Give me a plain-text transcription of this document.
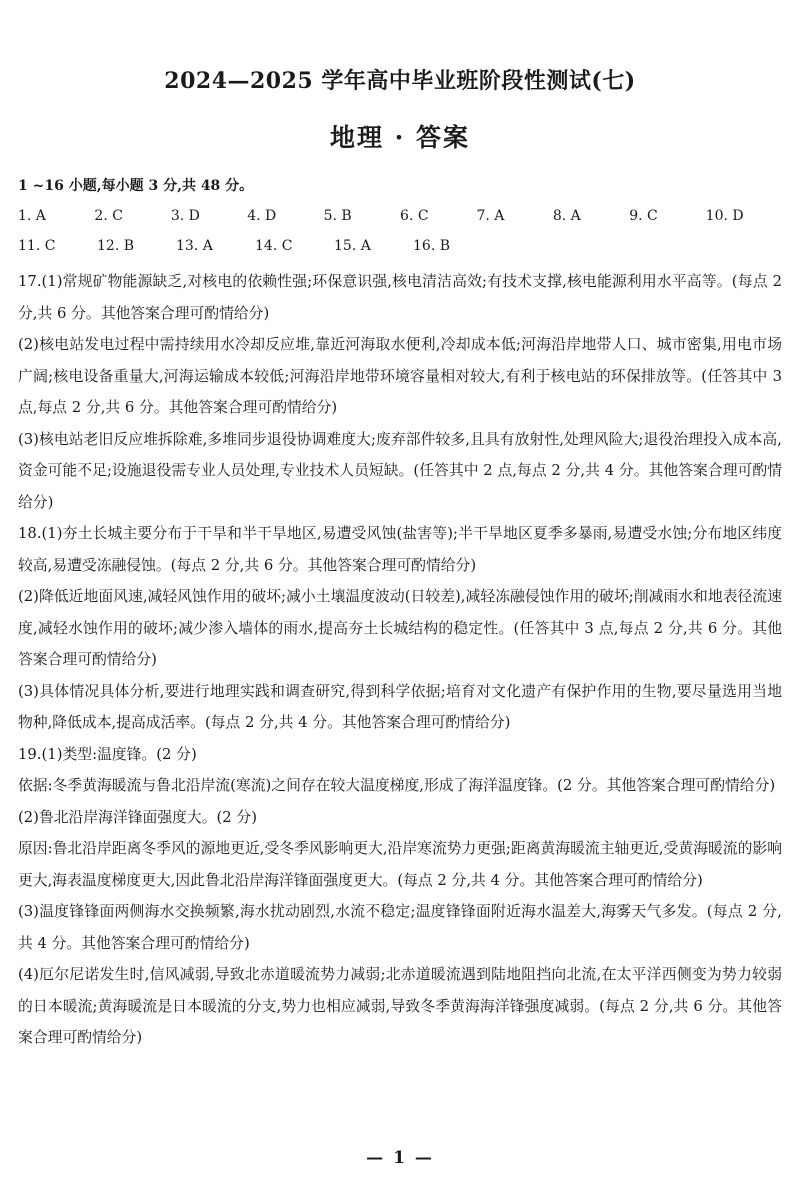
2024—2025 学年高中毕业班阶段性测试(七)
地理 · 答案
1 ~16 小题,每小题 3 分,共 48 分。
1. A	2. C	3. D	4. D	5. B	6. C	7. A	8. A	9. C	10. D
11. C	12. B	13. A	14. C	15. A	16. B

17.(1)常规矿物能源缺乏,对核电的依赖性强;环保意识强,核电清洁高效;有技术支撑,核电能源利用水平高等。(每点 2 分,共 6 分。其他答案合理可酌情给分)

(2)核电站发电过程中需持续用水冷却反应堆,靠近河海取水便利,冷却成本低;河海沿岸地带人口、城市密集,用电市场广阔;核电设备重量大,河海运输成本较低;河海沿岸地带环境容量相对较大,有利于核电站的环保排放等。(任答其中 3 点,每点 2 分,共 6 分。其他答案合理可酌情给分)

(3)核电站老旧反应堆拆除难,多堆同步退役协调难度大;废弃部件较多,且具有放射性,处理风险大;退役治理投入成本高,资金可能不足;设施退役需专业人员处理,专业技术人员短缺。(任答其中 2 点,每点 2 分,共 4 分。其他答案合理可酌情给分)

18.(1)夯土长城主要分布于干旱和半干旱地区,易遭受风蚀(盐害等);半干旱地区夏季多暴雨,易遭受水蚀;分布地区纬度较高,易遭受冻融侵蚀。(每点 2 分,共 6 分。其他答案合理可酌情给分)

(2)降低近地面风速,减轻风蚀作用的破坏;减小土壤温度波动(日较差),减轻冻融侵蚀作用的破坏;削减雨水和地表径流速度,减轻水蚀作用的破坏;减少渗入墙体的雨水,提高夯土长城结构的稳定性。(任答其中 3 点,每点 2 分,共 6 分。其他答案合理可酌情给分)

(3)具体情况具体分析,要进行地理实践和调查研究,得到科学依据;培育对文化遗产有保护作用的生物,要尽量选用当地物种,降低成本,提高成活率。(每点 2 分,共 4 分。其他答案合理可酌情给分)

19.(1)类型:温度锋。(2 分)

依据:冬季黄海暖流与鲁北沿岸流(寒流)之间存在较大温度梯度,形成了海洋温度锋。(2 分。其他答案合理可酌情给分)

(2)鲁北沿岸海洋锋面强度大。(2 分)

原因:鲁北沿岸距离冬季风的源地更近,受冬季风影响更大,沿岸寒流势力更强;距离黄海暖流主轴更近,受黄海暖流的影响更大,海表温度梯度更大,因此鲁北沿岸海洋锋面强度更大。(每点 2 分,共 4 分。其他答案合理可酌情给分)

(3)温度锋锋面两侧海水交换频繁,海水扰动剧烈,水流不稳定;温度锋锋面附近海水温差大,海雾天气多发。(每点 2 分,共 4 分。其他答案合理可酌情给分)

(4)厄尔尼诺发生时,信风减弱,导致北赤道暖流势力减弱;北赤道暖流遇到陆地阻挡向北流,在太平洋西侧变为势力较弱的日本暖流;黄海暖流是日本暖流的分支,势力也相应减弱,导致冬季黄海海洋锋强度减弱。(每点 2 分,共 6 分。其他答案合理可酌情给分)

— 1 —
